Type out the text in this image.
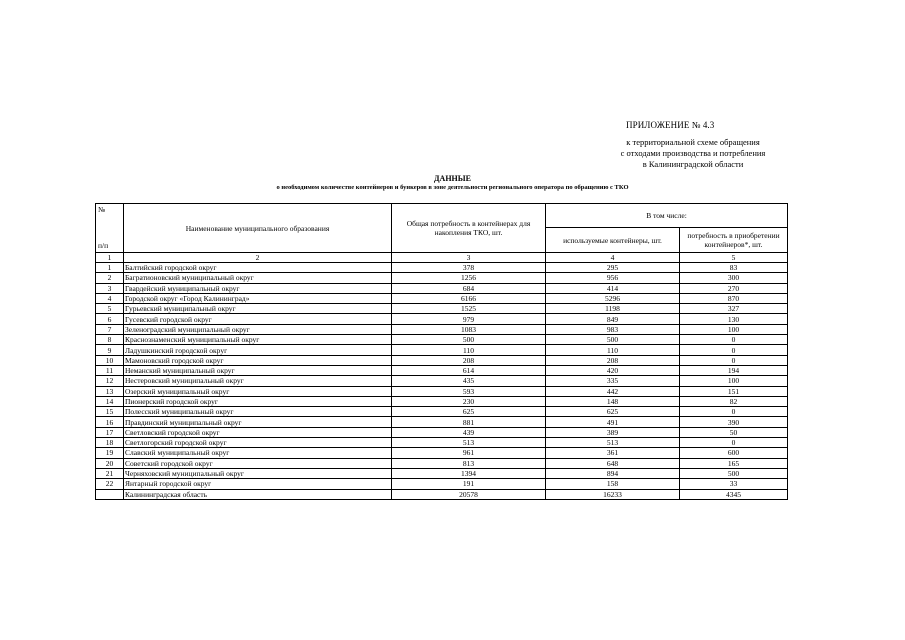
ПРИЛОЖЕНИЕ № 4.3
к территориальной схеме обращения
с отходами производства и потребления
в Калининградской области
ДАННЫЕ
о необходимом количестве контейнеров и бункеров в зоне деятельности регионального оператора по обращению с ТКО
№
п/п	Наименование муниципального образования	Общая потребность в контейнерах для накопления ТКО, шт.	В том числе:	
			используемые контейнеры, шт.	потребность в приобретении контейнеров*, шт.
1	2	3	4	5
1	Балтийский городской округ	378	295	83
2	Багратионовский муниципальный округ	1256	956	300
3	Гвардейский муниципальный округ	684	414	270
4	Городской округ «Город Калининград»	6166	5296	870
5	Гурьевский муниципальный округ	1525	1198	327
6	Гусевский городской округ	979	849	130
7	Зеленоградский муниципальный округ	1083	983	100
8	Краснознаменский муниципальный округ	500	500	0
9	Ладушкинский городской округ	110	110	0
10	Мамоновский городской округ	208	208	0
11	Неманский муниципальный округ	614	420	194
12	Нестеровский муниципальный округ	435	335	100
13	Озерский муниципальный округ	593	442	151
14	Пионерский городской округ	230	148	82
15	Полесский муниципальный округ	625	625	0
16	Правдинский муниципальный округ	881	491	390
17	Светловский городской округ	439	389	50
18	Светлогорский городской округ	513	513	0
19	Славский муниципальный округ	961	361	600
20	Советский городской округ	813	648	165
21	Черняховский муниципальный округ	1394	894	500
22	Янтарный городской округ	191	158	33
	Калининградская область	20578	16233	4345
